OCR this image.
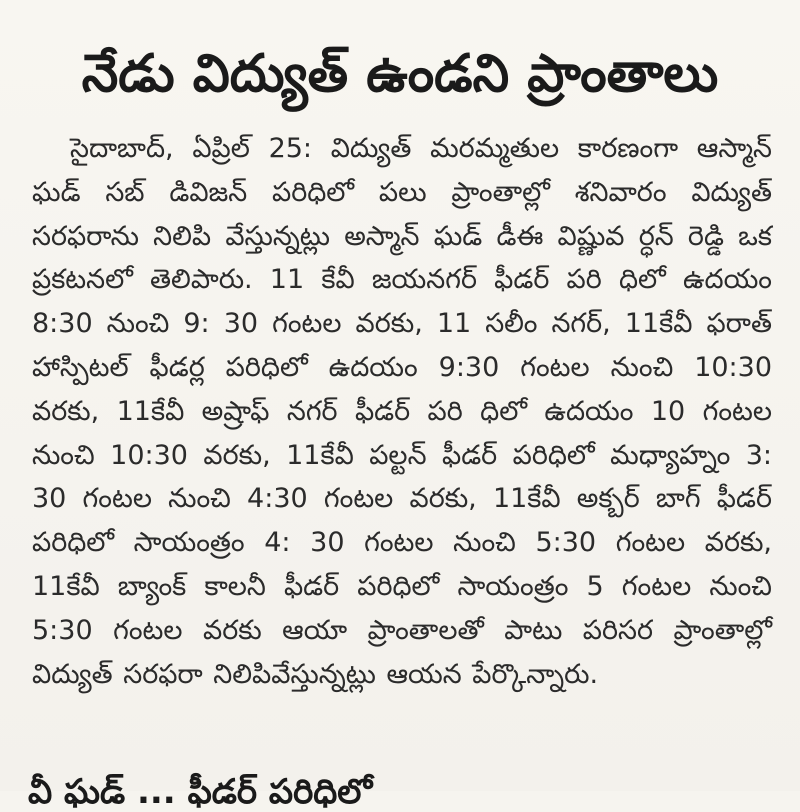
నేడు విద్యుత్ ఉండని ప్రాంతాలు

సైదాబాద్, ఏప్రిల్ 25: విద్యుత్ మరమ్మతుల కారణంగా ఆస్మాన్ ఘడ్ సబ్ డివిజన్ పరిధిలో పలు ప్రాంతాల్లో శనివారం విద్యుత్ సరఫరాను నిలిపి వేస్తున్నట్లు అస్మాన్ ఘడ్ డీఈ విష్ణువ ర్ధన్ రెడ్డి ఒక ప్రకటనలో తెలిపారు. 11 కేవీ జయనగర్ ఫీడర్ పరి ధిలో ఉదయం 8:30 నుంచి 9: 30 గంటల వరకు, 11 సలీం నగర్, 11కేవీ ఫరాత్ హాస్పిటల్ ఫీడర్ల పరిధిలో ఉదయం 9:30 గంటల నుంచి 10:30 వరకు, 11కేవీ అష్రాఫ్ నగర్ ఫీడర్ పరి ధిలో ఉదయం 10 గంటల నుంచి 10:30 వరకు, 11కేవీ పల్టన్ ఫీడర్ పరిధిలో మధ్యాహ్నం 3: 30 గంటల నుంచి 4:30 గంటల వరకు, 11కేవీ అక్బర్ బాగ్ ఫీడర్ పరిధిలో సాయంత్రం 4: 30 గంటల నుంచి 5:30 గంటల వరకు, 11కేవీ బ్యాంక్ కాలనీ ఫీడర్ పరిధిలో సాయంత్రం 5 గంటల నుంచి 5:30 గంటల వరకు ఆయా ప్రాంతాలతో పాటు పరిసర ప్రాంతాల్లో విద్యుత్ సరఫరా నిలిపివేస్తున్నట్లు ఆయన పేర్కొన్నారు.

వీ ఘడ్ ... ఫీడర్ పరిధిలో
